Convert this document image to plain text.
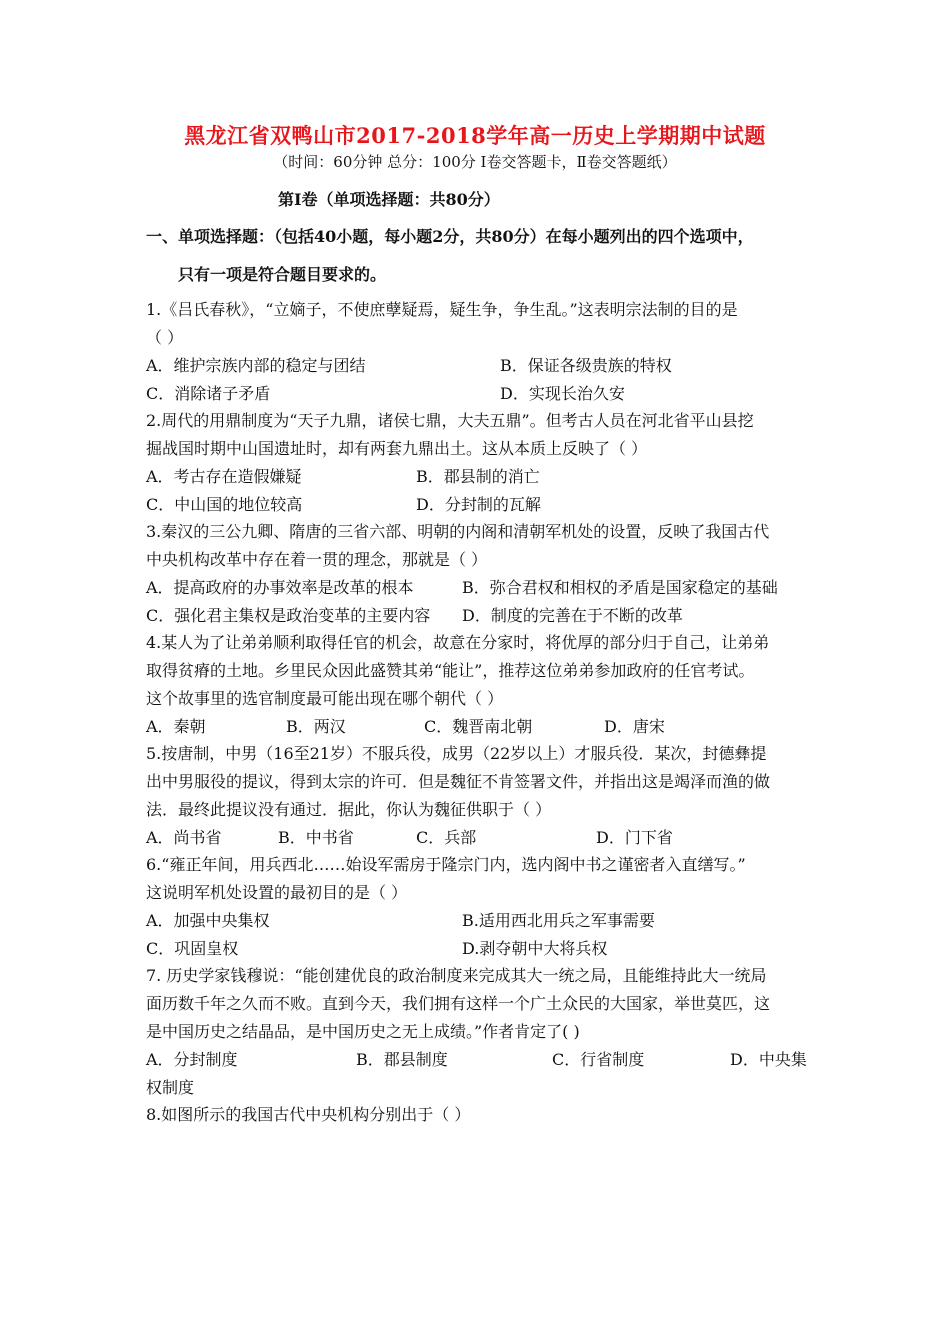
黑龙江省双鸭山市2017-2018学年高一历史上学期期中试题
（时间：60分钟 总分：100分 Ⅰ卷交答题卡，Ⅱ卷交答题纸）
第Ⅰ卷（单项选择题：共80分）
一、单项选择题：（包括40小题，每小题2分，共80分）在每小题列出的四个选项中，
只有一项是符合题目要求的。
1.《吕氏春秋》，“立嫡子，不使庶孽疑焉，疑生争，争生乱。”这表明宗法制的目的是
（ ）
A．维护宗族内部的稳定与团结	B．保证各级贵族的特权
C．消除诸子矛盾	D．实现长治久安
2.周代的用鼎制度为“天子九鼎，诸侯七鼎，大夫五鼎”。但考古人员在河北省平山县挖
掘战国时期中山国遗址时，却有两套九鼎出土。这从本质上反映了（ ）
A．考古存在造假嫌疑	B．郡县制的消亡
C．中山国的地位较高	D．分封制的瓦解
3.秦汉的三公九卿、隋唐的三省六部、明朝的内阁和清朝军机处的设置，反映了我国古代
中央机构改革中存在着一贯的理念，那就是（ ）
A．提高政府的办事效率是改革的根本	B．弥合君权和相权的矛盾是国家稳定的基础
C．强化君主集权是政治变革的主要内容 D．制度的完善在于不断的改革
4.某人为了让弟弟顺利取得任官的机会，故意在分家时，将优厚的部分归于自己，让弟弟
取得贫瘠的土地。乡里民众因此盛赞其弟“能让”，推荐这位弟弟参加政府的任官考试。
这个故事里的选官制度最可能出现在哪个朝代（ ）
A．秦朝	B．两汉	C．魏晋南北朝	D．唐宋
5.按唐制，中男（16至21岁）不服兵役，成男（22岁以上）才服兵役．某次，封德彝提
出中男服役的提议，得到太宗的许可．但是魏征不肯签署文件，并指出这是竭泽而渔的做
法．最终此提议没有通过．据此，你认为魏征供职于（ ）
A．尚书省	B．中书省	C．兵部	D．门下省
6.“雍正年间，用兵西北……始设军需房于隆宗门内，选内阁中书之谨密者入直缮写。”
这说明军机处设置的最初目的是（ ）
A．加强中央集权	B.适用西北用兵之军事需要
C．巩固皇权	D.剥夺朝中大将兵权
7. 历史学家钱穆说：“能创建优良的政治制度来完成其大一统之局，且能维持此大一统局
面历数千年之久而不败。直到今天，我们拥有这样一个广土众民的大国家，举世莫匹，这
是中国历史之结晶品，是中国历史之无上成绩。”作者肯定了( )
A．分封制度	B．郡县制度	C．行省制度	D．中央集
权制度
8.如图所示的我国古代中央机构分别出于（ ）
